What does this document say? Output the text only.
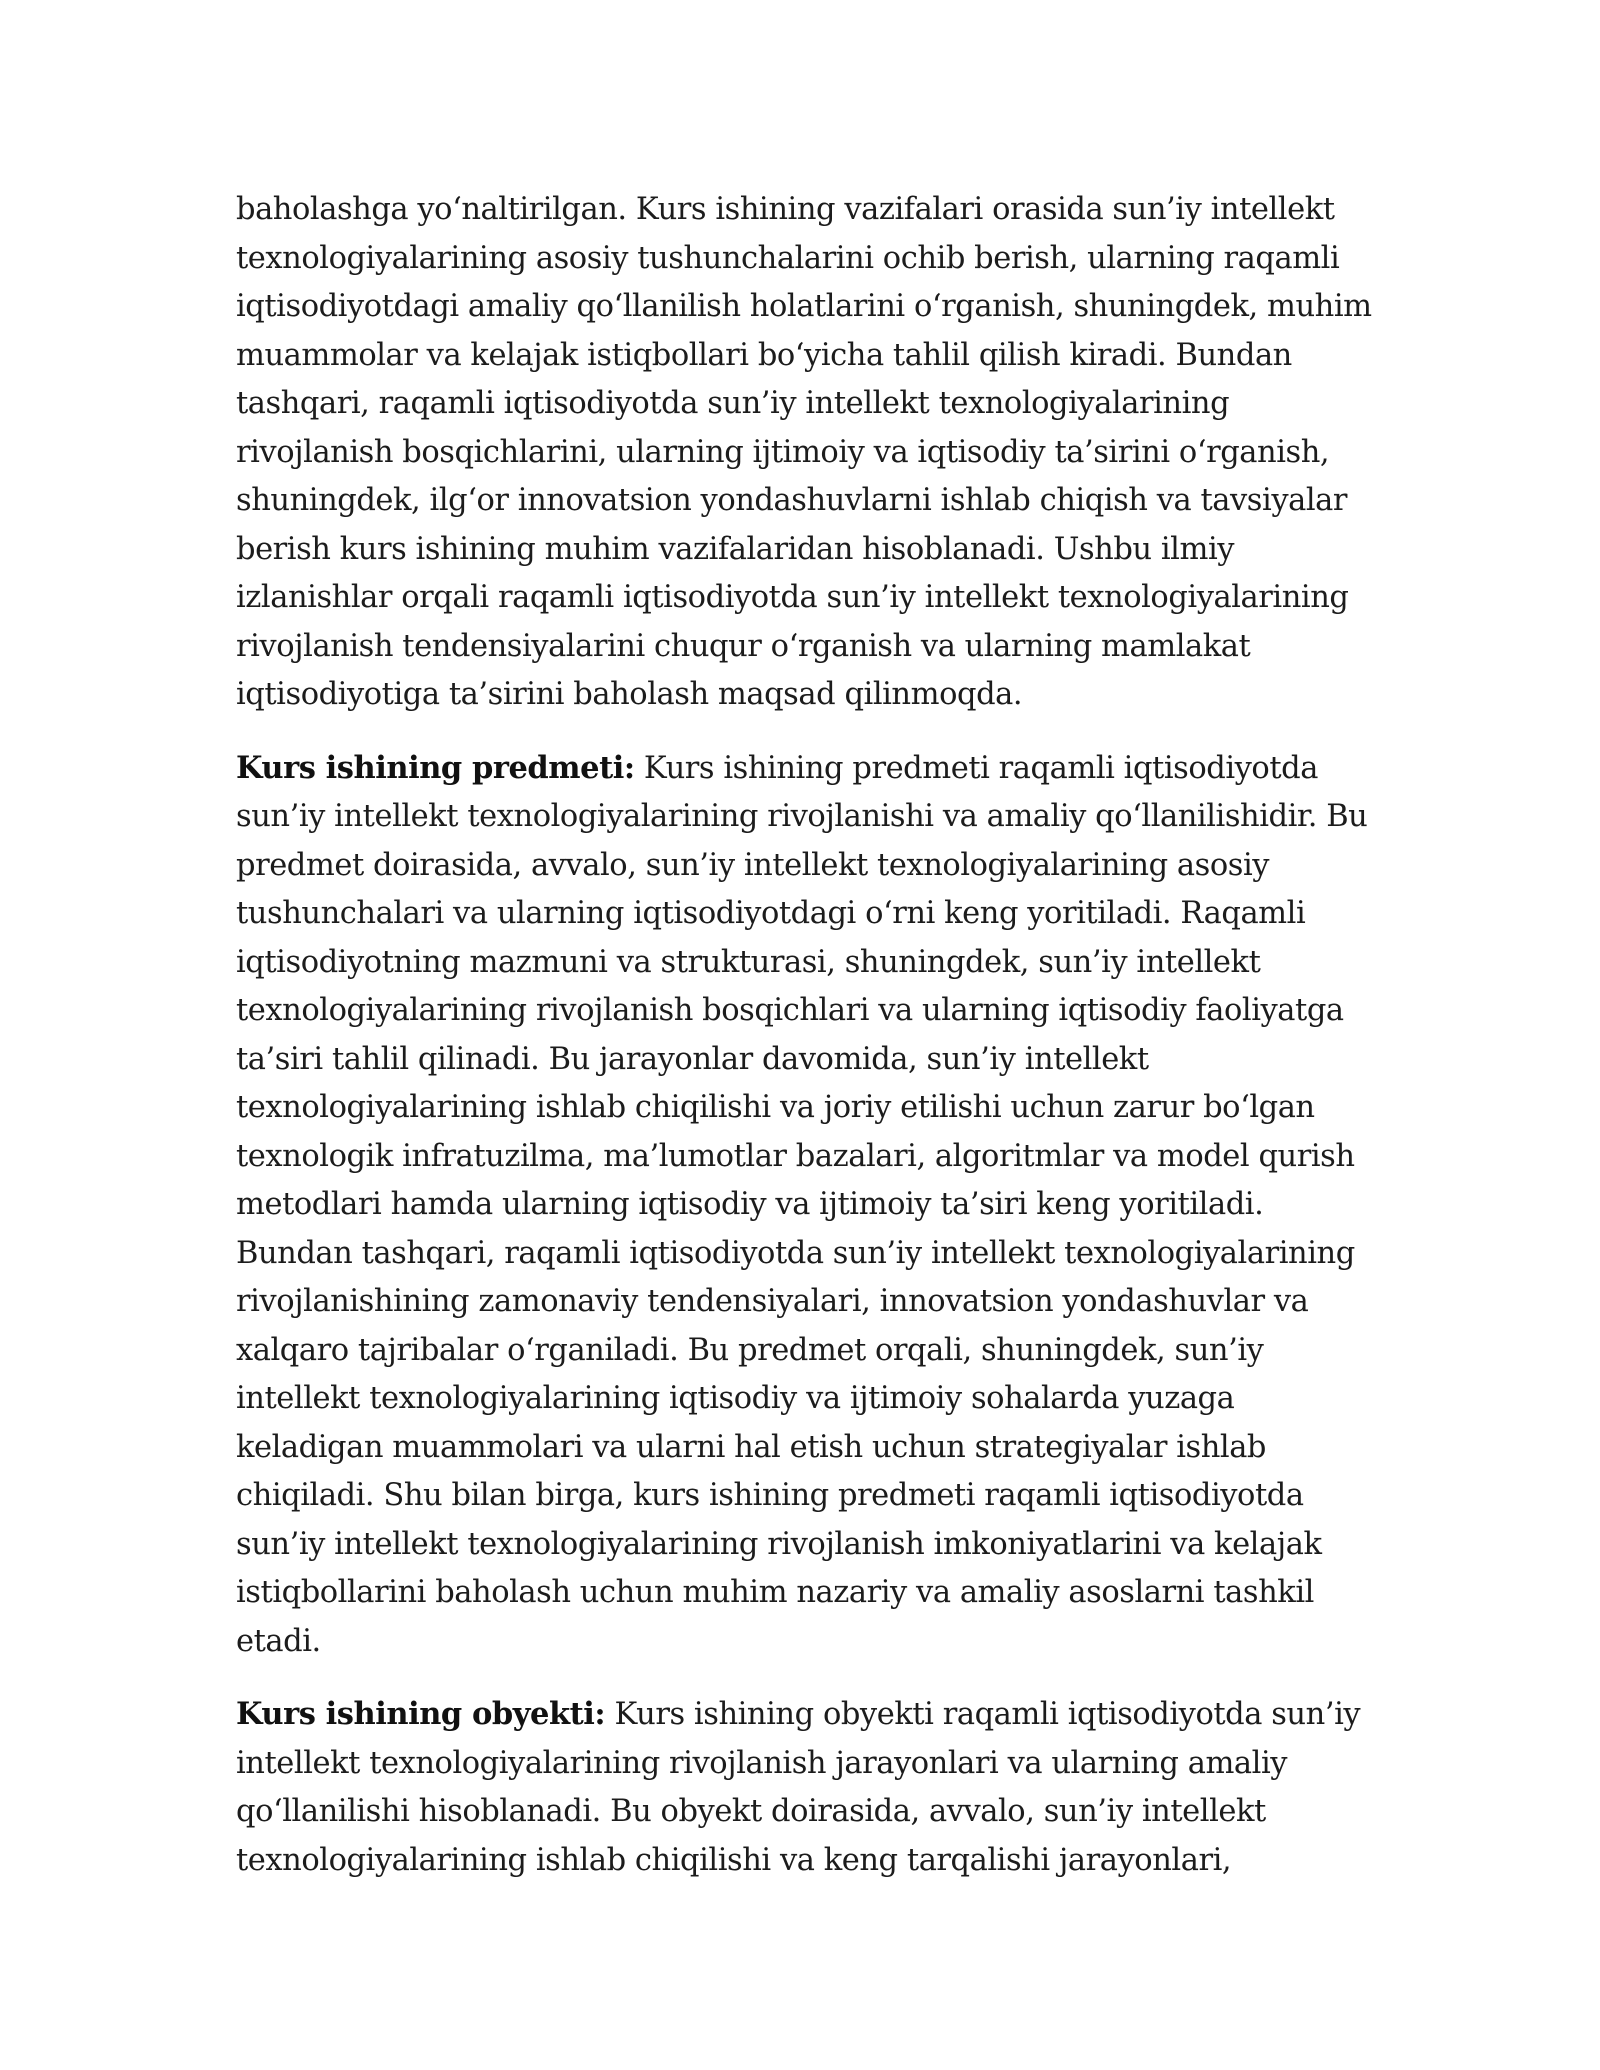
baholashga yo‘naltirilgan. Kurs ishining vazifalari orasida sun’iy intellekt texnologiyalarining asosiy tushunchalarini ochib berish, ularning raqamli iqtisodiyotdagi amaliy qo‘llanilish holatlarini o‘rganish, shuningdek, muhim muammolar va kelajak istiqbollari bo‘yicha tahlil qilish kiradi. Bundan tashqari, raqamli iqtisodiyotda sun’iy intellekt texnologiyalarining rivojlanish bosqichlarini, ularning ijtimoiy va iqtisodiy ta’sirini o‘rganish, shuningdek, ilg‘or innovatsion yondashuvlarni ishlab chiqish va tavsiyalar berish kurs ishining muhim vazifalaridan hisoblanadi. Ushbu ilmiy izlanishlar orqali raqamli iqtisodiyotda sun’iy intellekt texnologiyalarining rivojlanish tendensiyalarini chuqur o‘rganish va ularning mamlakat iqtisodiyotiga ta’sirini baholash maqsad qilinmoqda.

Kurs ishining predmeti: Kurs ishining predmeti raqamli iqtisodiyotda sun’iy intellekt texnologiyalarining rivojlanishi va amaliy qo‘llanilishidir. Bu predmet doirasida, avvalo, sun’iy intellekt texnologiyalarining asosiy tushunchalari va ularning iqtisodiyotdagi o‘rni keng yoritiladi. Raqamli iqtisodiyotning mazmuni va strukturasi, shuningdek, sun’iy intellekt texnologiyalarining rivojlanish bosqichlari va ularning iqtisodiy faoliyatga ta’siri tahlil qilinadi. Bu jarayonlar davomida, sun’iy intellekt texnologiyalarining ishlab chiqilishi va joriy etilishi uchun zarur bo‘lgan texnologik infratuzilma, ma’lumotlar bazalari, algoritmlar va model qurish metodlari hamda ularning iqtisodiy va ijtimoiy ta’siri keng yoritiladi. Bundan tashqari, raqamli iqtisodiyotda sun’iy intellekt texnologiyalarining rivojlanishining zamonaviy tendensiyalari, innovatsion yondashuvlar va xalqaro tajribalar o‘rganiladi. Bu predmet orqali, shuningdek, sun’iy intellekt texnologiyalarining iqtisodiy va ijtimoiy sohalarda yuzaga keladigan muammolari va ularni hal etish uchun strategiyalar ishlab chiqiladi. Shu bilan birga, kurs ishining predmeti raqamli iqtisodiyotda sun’iy intellekt texnologiyalarining rivojlanish imkoniyatlarini va kelajak istiqbollarini baholash uchun muhim nazariy va amaliy asoslarni tashkil etadi.

Kurs ishining obyekti: Kurs ishining obyekti raqamli iqtisodiyotda sun’iy intellekt texnologiyalarining rivojlanish jarayonlari va ularning amaliy qo‘llanilishi hisoblanadi. Bu obyekt doirasida, avvalo, sun’iy intellekt texnologiyalarining ishlab chiqilishi va keng tarqalishi jarayonlari,
